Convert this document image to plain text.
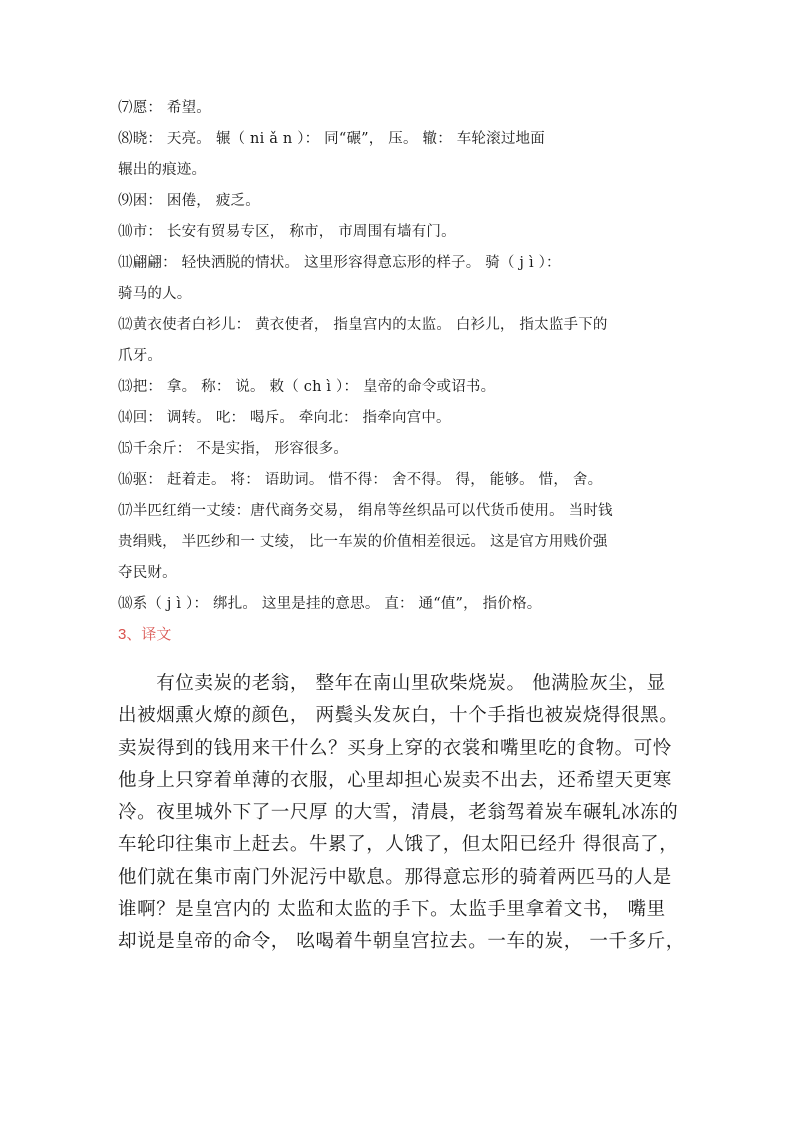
⑺愿： 希望。
⑻晓： 天亮。 辗（ ni ǎ n ）： 同“碾”， 压。 辙： 车轮滚过地面
辗出的痕迹。
⑼困： 困倦， 疲乏。
⑽市： 长安有贸易专区， 称市， 市周围有墙有门。
⑾翩翩： 轻快洒脱的情状。 这里形容得意忘形的样子。 骑（ j ì ）：
骑马的人。
⑿黄衣使者白衫儿： 黄衣使者， 指皇宫内的太监。 白衫儿， 指太监手下的
爪牙。
⒀把： 拿。 称： 说。 敕（ ch ì ）： 皇帝的命令或诏书。
⒁回： 调转。 叱： 喝斥。 牵向北： 指牵向宫中。
⒂千余斤： 不是实指， 形容很多。
⒃驱： 赶着走。 将： 语助词。 惜不得： 舍不得。 得， 能够。 惜， 舍。
⒄半匹红绡一丈绫：唐代商务交易， 绢帛等丝织品可以代货币使用。 当时钱
贵绢贱， 半匹纱和一 丈绫， 比一车炭的价值相差很远。 这是官方用贱价强
夺民财。
⒅系（ j ì ）： 绑扎。 这里是挂的意思。 直： 通“值”， 指价格。
3、译文
　　有位卖炭的老翁， 整年在南山里砍柴烧炭。 他满脸灰尘，显
出被烟熏火燎的颜色， 两鬓头发灰白，十个手指也被炭烧得很黑。
卖炭得到的钱用来干什么？买身上穿的衣裳和嘴里吃的食物。可怜
他身上只穿着单薄的衣服，心里却担心炭卖不出去，还希望天更寒
冷。夜里城外下了一尺厚 的大雪，清晨，老翁驾着炭车碾轧冰冻的
车轮印往集市上赶去。牛累了，人饿了，但太阳已经升 得很高了，
他们就在集市南门外泥污中歇息。那得意忘形的骑着两匹马的人是
谁啊？是皇宫内的 太监和太监的手下。太监手里拿着文书， 嘴里
却说是皇帝的命令， 吆喝着牛朝皇宫拉去。一车的炭， 一千多斤，
